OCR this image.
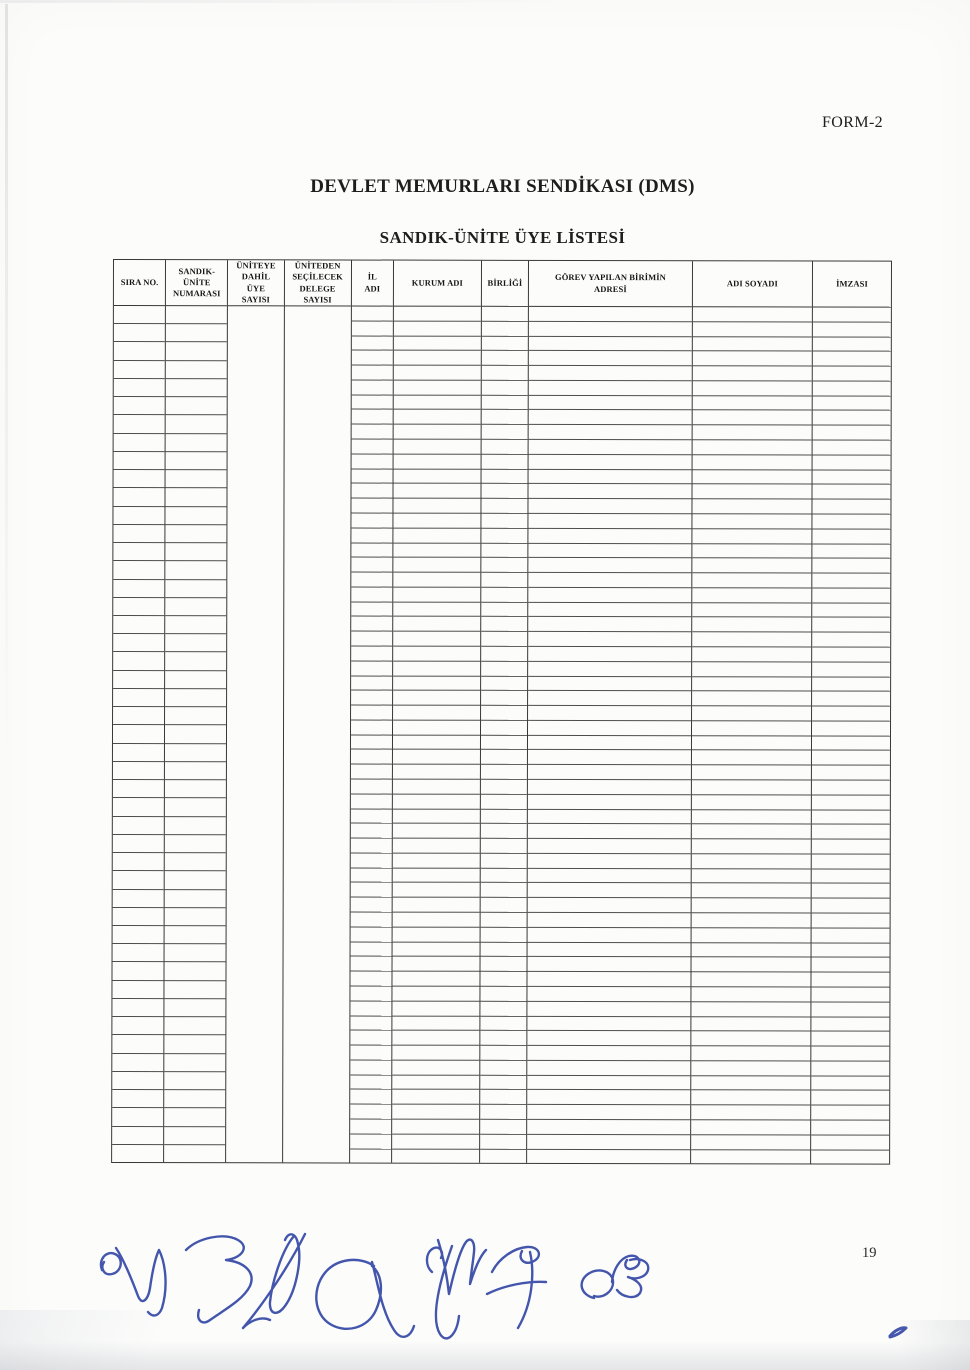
FORM-2
DEVLET MEMURLARI SENDİKASI (DMS)
SANDIK-ÜNİTE ÜYE LİSTESİ
SIRA NO.
SANDIK-
ÜNİTE
NUMARASI
ÜNİTEYE
DAHİL
ÜYE
SAYISI
ÜNİTEDEN
SEÇİLECEK
DELEGE
SAYISI
İL
ADI
KURUM ADI	BİRLİĞİ
GÖREV YAPILAN BİRİMİN
ADRESİ
ADI SOYADI	İMZASI
19
